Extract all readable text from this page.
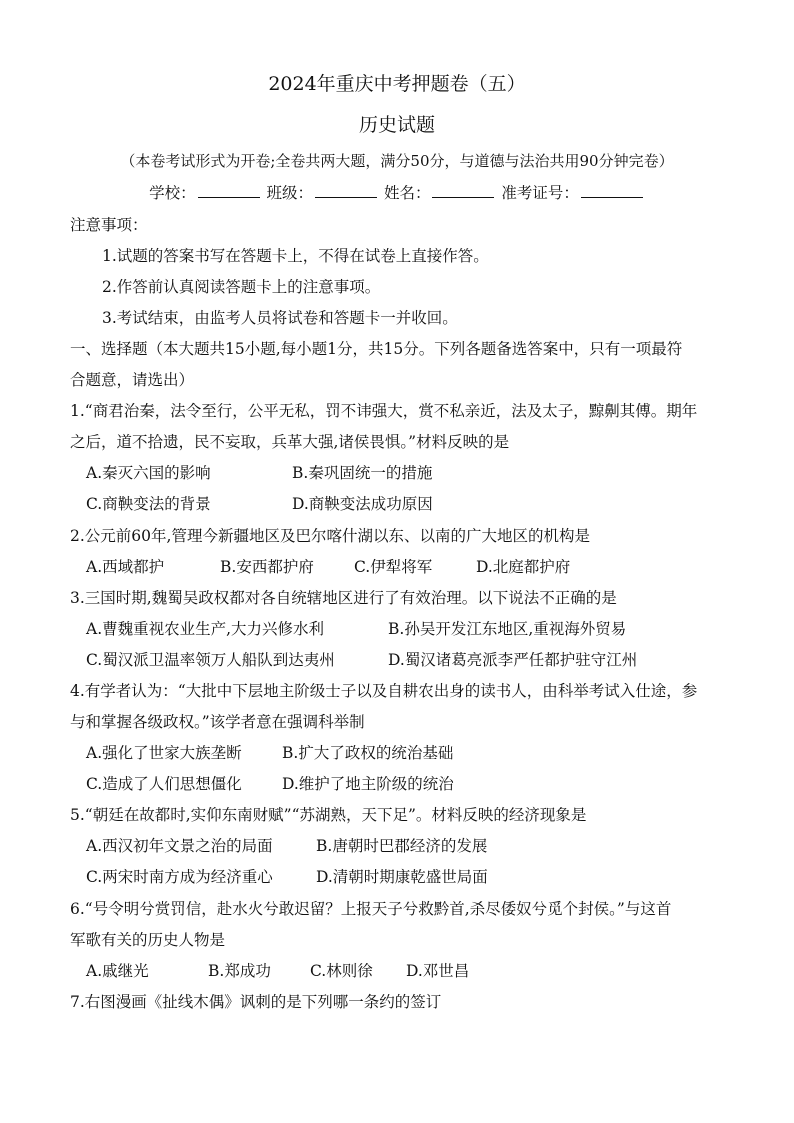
2024年重庆中考押题卷（五）
历史试题
（本卷考试形式为开卷;全卷共两大题，满分50分，与道德与法治共用90分钟完卷）
学校：
	班级：
	姓名：
	准考证号：
注意事项：
1.试题的答案书写在答题卡上，不得在试卷上直接作答。
2.作答前认真阅读答题卡上的注意事项。
3.考试结束，由监考人员将试卷和答题卡一并收回。
一、选择题（本大题共15小题,每小题1分，共15分。下列各题备选答案中，只有一项最符
合题意，请选出）
1.“商君治秦，法令至行，公平无私，罚不讳强大，赏不私亲近，法及太子，黥劓其傅。期年
之后，道不拾遗，民不妄取，兵革大强,诸侯畏惧。”材料反映的是
A.秦灭六国的影响	B.秦巩固统一的措施
C.商鞅变法的背景	D.商鞅变法成功原因
2.公元前60年,管理今新疆地区及巴尔喀什湖以东、以南的广大地区的机构是
A.西域都护	B.安西都护府	C.伊犁将军	D.北庭都护府
3.三国时期,魏蜀吴政权都对各自统辖地区进行了有效治理。以下说法不正确的是
A.曹魏重视农业生产,大力兴修水利	B.孙吴开发江东地区,重视海外贸易
C.蜀汉派卫温率领万人船队到达夷州	D.蜀汉诸葛亮派李严任都护驻守江州
4.有学者认为：“大批中下层地主阶级士子以及自耕农出身的读书人，由科举考试入仕途，参
与和掌握各级政权。”该学者意在强调科举制
A.强化了世家大族垄断	B.扩大了政权的统治基础
C.造成了人们思想僵化	D.维护了地主阶级的统治
5.“朝廷在故都时,实仰东南财赋”“苏湖熟，天下足”。材料反映的经济现象是
A.西汉初年文景之治的局面	B.唐朝时巴郡经济的发展
C.两宋时南方成为经济重心	D.清朝时期康乾盛世局面
6.“号令明兮赏罚信，赴水火兮敢迟留？上报天子兮救黔首,杀尽倭奴兮觅个封侯。”与这首
军歌有关的历史人物是
A.戚继光	B.郑成功	C.林则徐 D.邓世昌
7.右图漫画《扯线木偶》讽刺的是下列哪一条约的签订
